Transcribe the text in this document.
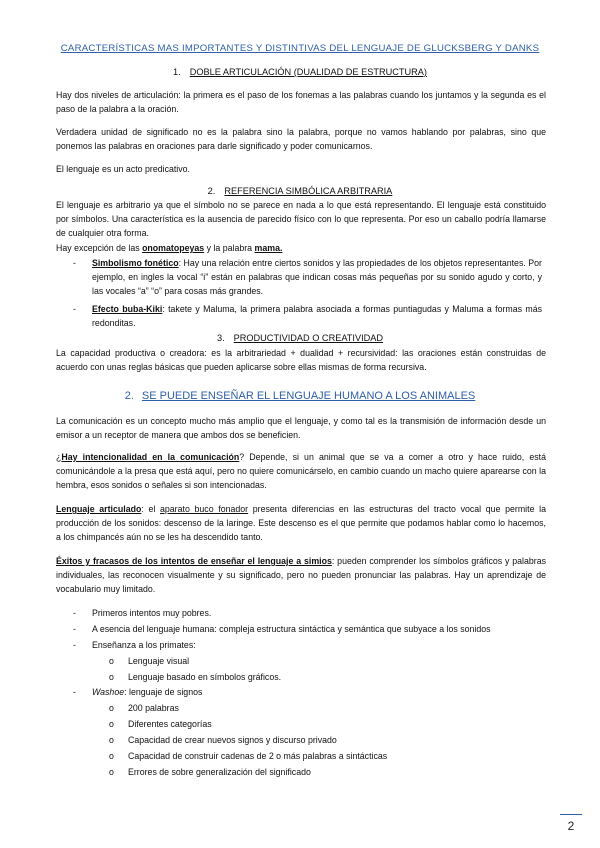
CARACTERÍSTICAS MAS IMPORTANTES Y DISTINTIVAS DEL LENGUAJE DE GLUCKSBERG Y DANKS
1. DOBLE ARTICULACIÓN (DUALIDAD DE ESTRUCTURA)
Hay dos niveles de articulación: la primera es el paso de los fonemas a las palabras cuando los juntamos y la segunda es el paso de la palabra a la oración.
Verdadera unidad de significado no es la palabra sino la palabra, porque no vamos hablando por palabras, sino que ponemos las palabras en oraciones para darle significado y poder comunicarnos.
El lenguaje es un acto predicativo.
2. REFERENCIA SIMBÓLICA ARBITRARIA
El lenguaje es arbitrario ya que el símbolo no se parece en nada a lo que está representando. El lenguaje está constituido por símbolos. Una característica es la ausencia de parecido físico con lo que representa. Por eso un caballo podría llamarse de cualquier otra forma.
Hay excepción de las onomatopeyas y la palabra mama.
- Simbolismo fonético: Hay una relación entre ciertos sonidos y las propiedades de los objetos representantes. Por ejemplo, en ingles la vocal “i” están en palabras que indican cosas más pequeñas por su sonido agudo y corto, y las vocales “a” “o” para cosas más grandes.
- Efecto buba-Kiki: takete y Maluma, la primera palabra asociada a formas puntiagudas y Maluma a formas más redonditas.
3. PRODUCTIVIDAD O CREATIVIDAD
La capacidad productiva o creadora: es la arbitrariedad + dualidad + recursividad: las oraciones están construidas de acuerdo con unas reglas básicas que pueden aplicarse sobre ellas mismas de forma recursiva.
2. SE PUEDE ENSEÑAR EL LENGUAJE HUMANO A LOS ANIMALES
La comunicación es un concepto mucho más amplio que el lenguaje, y como tal es la transmisión de información desde un emisor a un receptor de manera que ambos dos se beneficien.
¿Hay intencionalidad en la comunicación? Depende, si un animal que se va a comer a otro y hace ruido, está comunicándole a la presa que está aquí, pero no quiere comunicárselo, en cambio cuando un macho quiere aparearse con la hembra, esos sonidos o señales si son intencionadas.
Lenguaje articulado: el aparato buco fonador presenta diferencias en las estructuras del tracto vocal que permite la producción de los sonidos: descenso de la laringe. Este descenso es el que permite que podamos hablar como lo hacemos, a los chimpancés aún no se les ha descendido tanto.
Éxitos y fracasos de los intentos de enseñar el lenguaje a simios: pueden comprender los símbolos gráficos y palabras individuales, las reconocen visualmente y su significado, pero no pueden pronunciar las palabras. Hay un aprendizaje de vocabulario muy limitado.
- Primeros intentos muy pobres.
- A esencia del lenguaje humana: compleja estructura sintáctica y semántica que subyace a los sonidos
- Enseñanza a los primates:
o Lenguaje visual
o Lenguaje basado en símbolos gráficos.
- Washoe: lenguaje de signos
o 200 palabras
o Diferentes categorías
o Capacidad de crear nuevos signos y discurso privado
o Capacidad de construir cadenas de 2 o más palabras a sintácticas
o Errores de sobre generalización del significado
2
